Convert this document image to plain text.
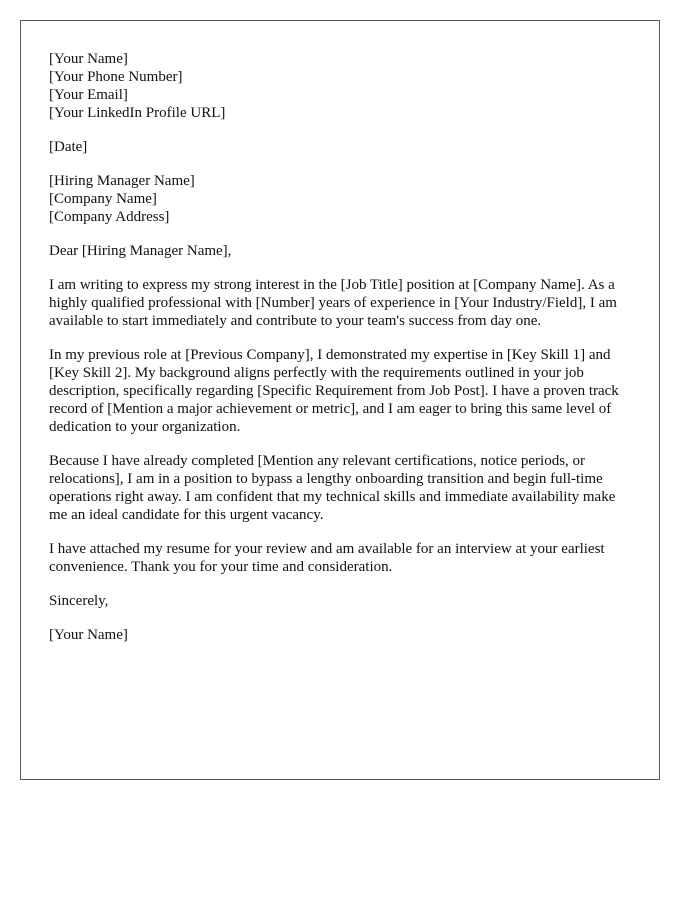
[Your Name]
[Your Phone Number]
[Your Email]
[Your LinkedIn Profile URL]

[Date]

[Hiring Manager Name]
[Company Name]
[Company Address]

Dear [Hiring Manager Name],

I am writing to express my strong interest in the [Job Title] position at [Company Name]. As a highly qualified professional with [Number] years of experience in [Your Industry/Field], I am available to start immediately and contribute to your team's success from day one.

In my previous role at [Previous Company], I demonstrated my expertise in [Key Skill 1] and [Key Skill 2]. My background aligns perfectly with the requirements outlined in your job description, specifically regarding [Specific Requirement from Job Post]. I have a proven track record of [Mention a major achievement or metric], and I am eager to bring this same level of dedication to your organization.

Because I have already completed [Mention any relevant certifications, notice periods, or relocations], I am in a position to bypass a lengthy onboarding transition and begin full-time operations right away. I am confident that my technical skills and immediate availability make me an ideal candidate for this urgent vacancy.

I have attached my resume for your review and am available for an interview at your earliest convenience. Thank you for your time and consideration.

Sincerely,

[Your Name]
